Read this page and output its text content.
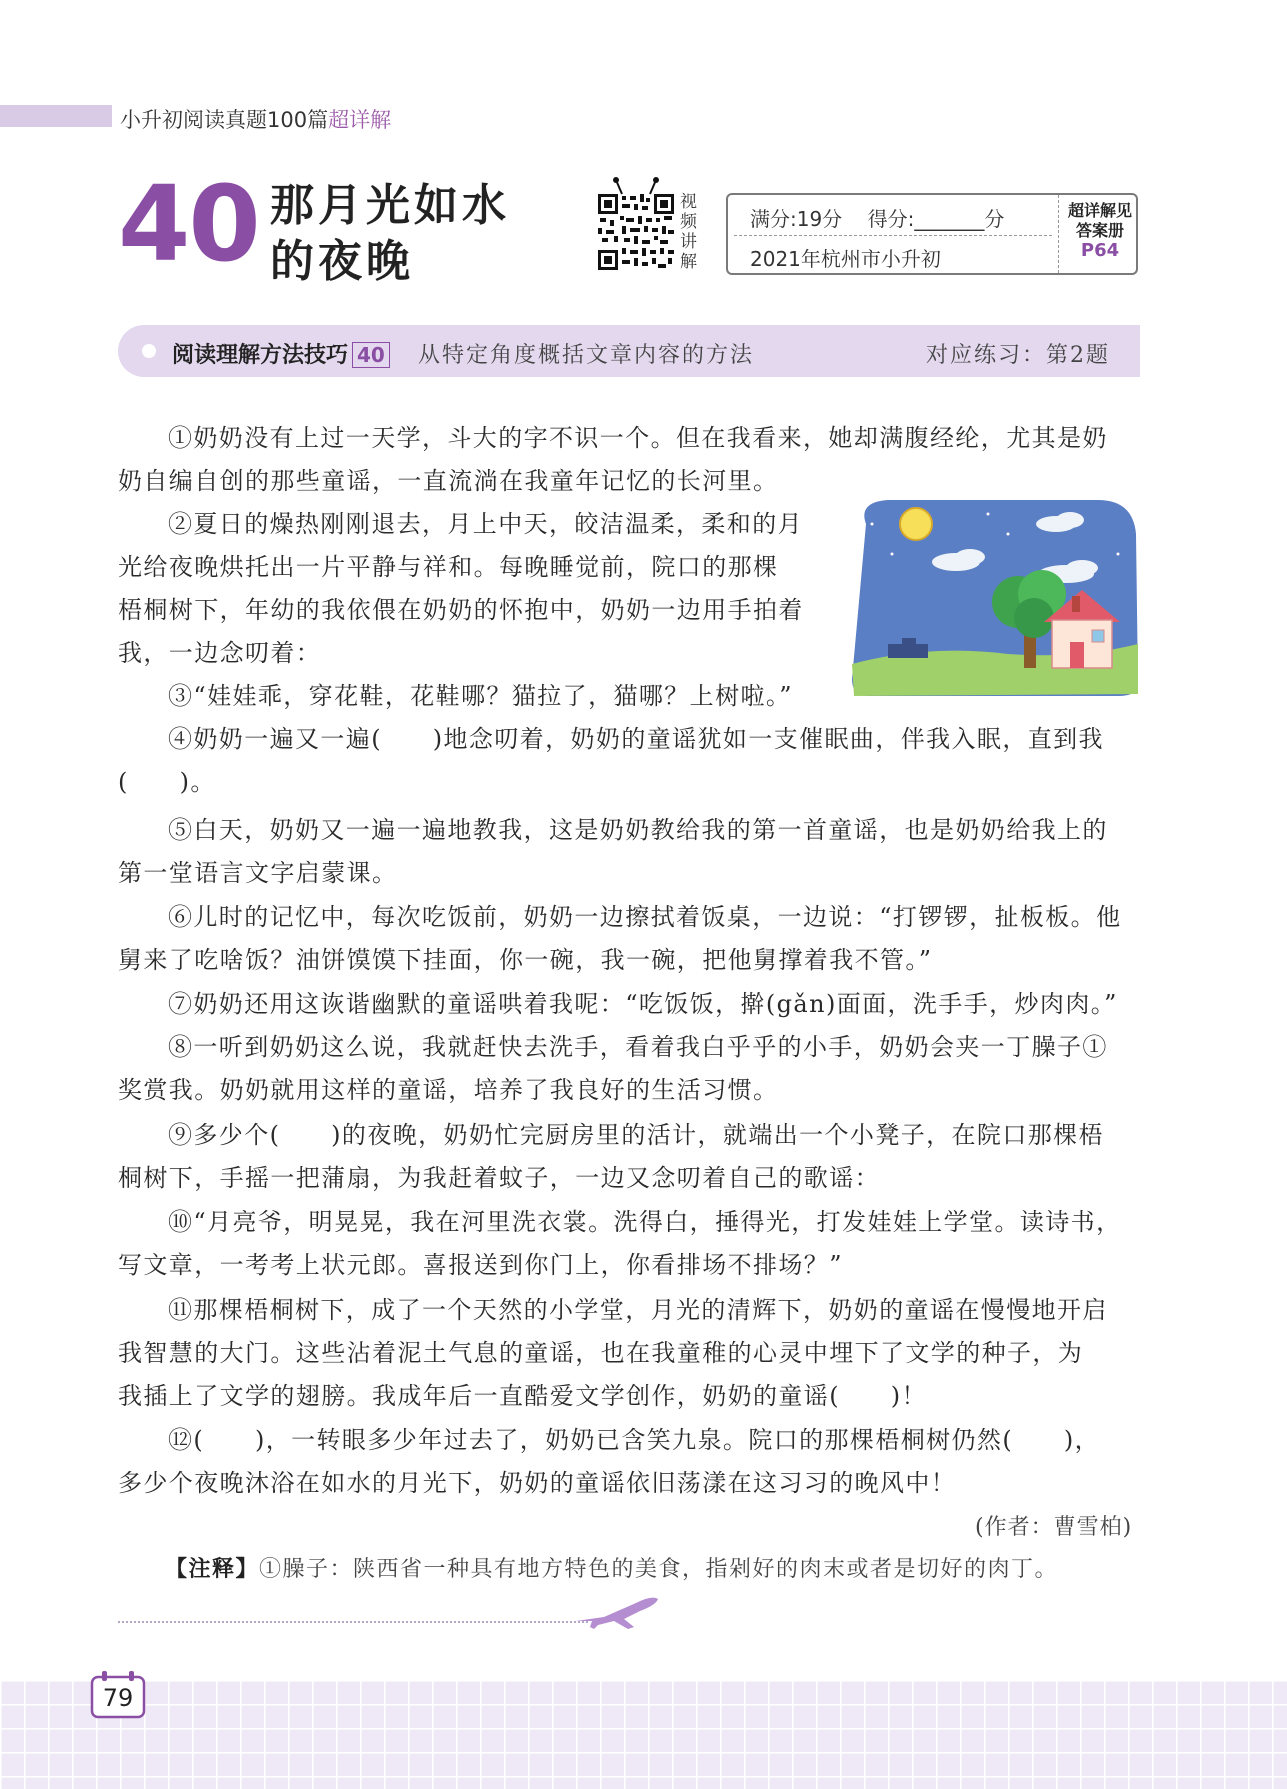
小升初阅读真题100篇超详解
40 那月光如水
的夜晚
视
频
讲
解
满分:19分 得分:_______分
2021年杭州市小升初
超详解见
答案册
P64
阅读理解方法技巧 40 从特定角度概括文章内容的方法	对应练习：第2题
①奶奶没有上过一天学，斗大的字不识一个。但在我看来，她却满腹经纶，尤其是奶
奶自编自创的那些童谣，一直流淌在我童年记忆的长河里。
②夏日的燥热刚刚退去，月上中天，皎洁温柔，柔和的月
光给夜晚烘托出一片平静与祥和。每晚睡觉前，院口的那棵
梧桐树下，年幼的我依偎在奶奶的怀抱中，奶奶一边用手拍着
我，一边念叨着：
③“娃娃乖，穿花鞋，花鞋哪？猫拉了，猫哪？上树啦。”
④奶奶一遍又一遍(　　)地念叨着，奶奶的童谣犹如一支催眠曲，伴我入眠，直到我
(　　)。
⑤白天，奶奶又一遍一遍地教我，这是奶奶教给我的第一首童谣，也是奶奶给我上的
第一堂语言文字启蒙课。
⑥儿时的记忆中，每次吃饭前，奶奶一边擦拭着饭桌，一边说：“打锣锣，扯板板。他
舅来了吃啥饭？油饼馍馍下挂面，你一碗，我一碗，把他舅撑着我不管。”
⑦奶奶还用这诙谐幽默的童谣哄着我呢：“吃饭饭，擀(gǎn)面面，洗手手，炒肉肉。”
⑧一听到奶奶这么说，我就赶快去洗手，看着我白乎乎的小手，奶奶会夹一丁臊子①
奖赏我。奶奶就用这样的童谣，培养了我良好的生活习惯。
⑨多少个(　　)的夜晚，奶奶忙完厨房里的活计，就端出一个小凳子，在院口那棵梧
桐树下，手摇一把蒲扇，为我赶着蚊子，一边又念叨着自己的歌谣：
⑩“月亮爷，明晃晃，我在河里洗衣裳。洗得白，捶得光，打发娃娃上学堂。读诗书，
写文章，一考考上状元郎。喜报送到你门上，你看排场不排场？”
⑪那棵梧桐树下，成了一个天然的小学堂，月光的清辉下，奶奶的童谣在慢慢地开启
我智慧的大门。这些沾着泥土气息的童谣，也在我童稚的心灵中埋下了文学的种子，为
我插上了文学的翅膀。我成年后一直酷爱文学创作，奶奶的童谣(　　)！
⑫(　　)，一转眼多少年过去了，奶奶已含笑九泉。院口的那棵梧桐树仍然(　　)，
多少个夜晚沐浴在如水的月光下，奶奶的童谣依旧荡漾在这习习的晚风中！
(作者：曹雪柏)
【注释】①臊子：陕西省一种具有地方特色的美食，指剁好的肉末或者是切好的肉丁。
79
